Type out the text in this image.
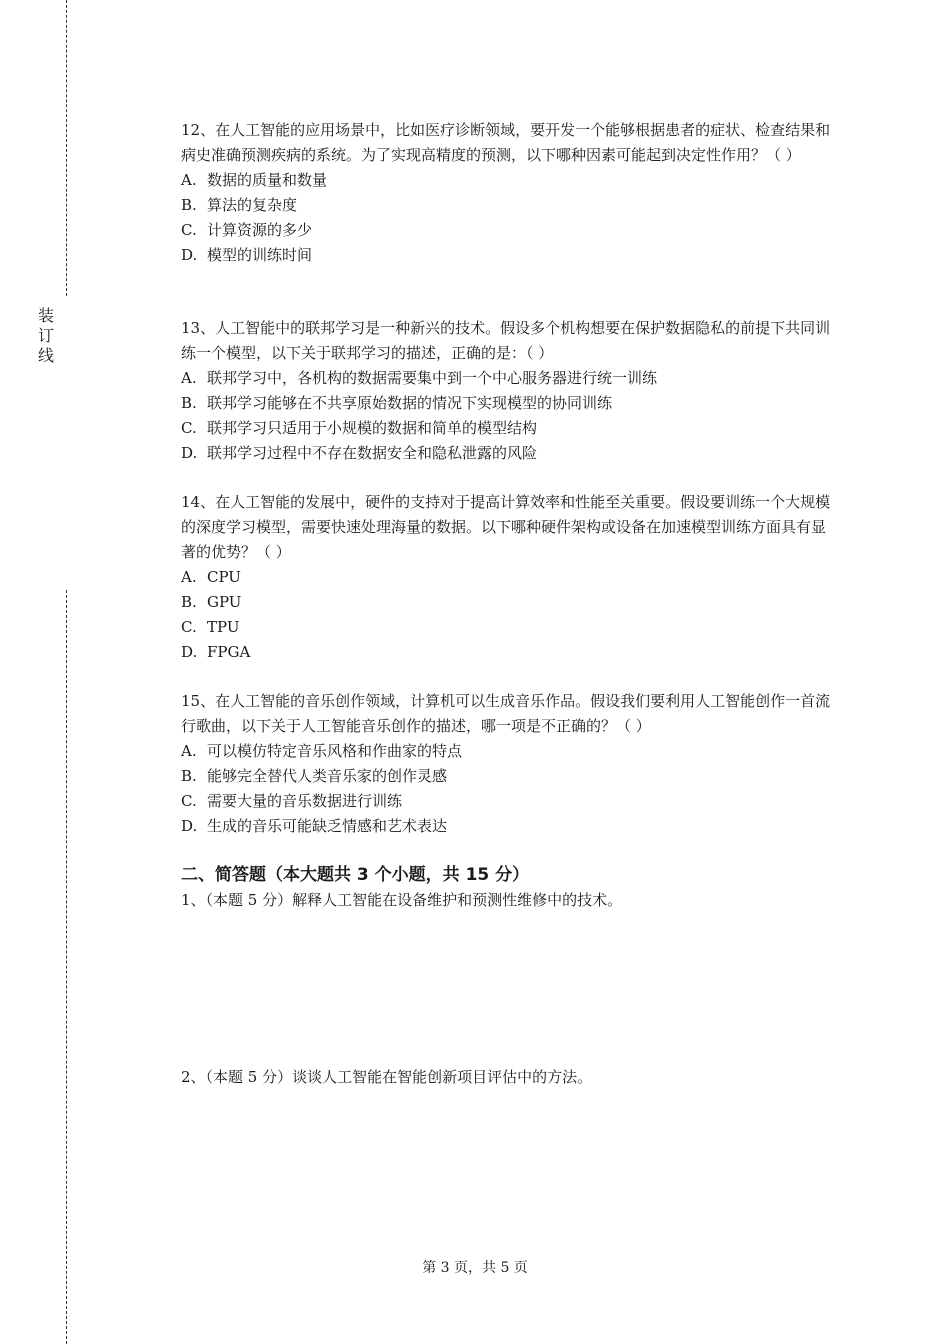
装
订
线

12、在人工智能的应用场景中，比如医疗诊断领域，要开发一个能够根据患者的症状、检查结果和病史准确预测疾病的系统。为了实现高精度的预测，以下哪种因素可能起到决定性作用？（ ）

A. 数据的质量和数量

B. 算法的复杂度

C. 计算资源的多少

D. 模型的训练时间

13、人工智能中的联邦学习是一种新兴的技术。假设多个机构想要在保护数据隐私的前提下共同训练一个模型，以下关于联邦学习的描述，正确的是：（ ）

A. 联邦学习中，各机构的数据需要集中到一个中心服务器进行统一训练

B. 联邦学习能够在不共享原始数据的情况下实现模型的协同训练

C. 联邦学习只适用于小规模的数据和简单的模型结构

D. 联邦学习过程中不存在数据安全和隐私泄露的风险

14、在人工智能的发展中，硬件的支持对于提高计算效率和性能至关重要。假设要训练一个大规模的深度学习模型，需要快速处理海量的数据。以下哪种硬件架构或设备在加速模型训练方面具有显著的优势？（ ）

A. CPU

B. GPU

C. TPU

D. FPGA

15、在人工智能的音乐创作领域，计算机可以生成音乐作品。假设我们要利用人工智能创作一首流行歌曲，以下关于人工智能音乐创作的描述，哪一项是不正确的？（ ）

A. 可以模仿特定音乐风格和作曲家的特点

B. 能够完全替代人类音乐家的创作灵感

C. 需要大量的音乐数据进行训练

D. 生成的音乐可能缺乏情感和艺术表达

二、简答题（本大题共 3 个小题，共 15 分）

1、（本题 5 分）解释人工智能在设备维护和预测性维修中的技术。

2、（本题 5 分）谈谈人工智能在智能创新项目评估中的方法。

第 3 页，共 5 页
